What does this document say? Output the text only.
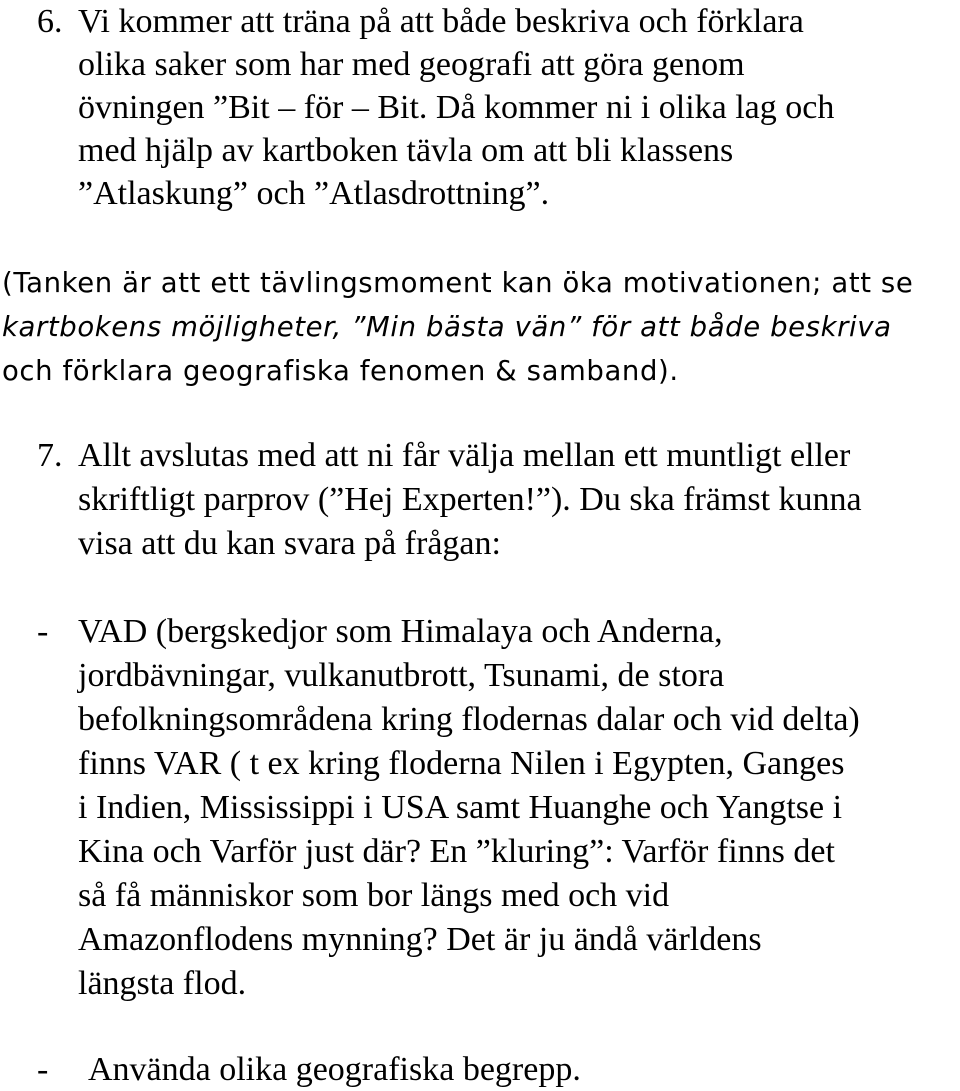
6. Vi kommer att träna på att både beskriva och förklara

olika saker som har med geografi att göra genom

övningen ”Bit – för – Bit. Då kommer ni i olika lag och

med hjälp av kartboken tävla om att bli klassens

”Atlaskung” och ”Atlasdrottning”.

(Tanken är att ett tävlingsmoment kan öka motivationen; att se

kartbokens möjligheter, ”Min bästa vän” för att både beskriva

och förklara geografiska fenomen & samband).

7. Allt avslutas med att ni får välja mellan ett muntligt eller

skriftligt parprov (”Hej Experten!”). Du ska främst kunna

visa att du kan svara på frågan:

- VAD (bergskedjor som Himalaya och Anderna,

jordbävningar, vulkanutbrott, Tsunami, de stora

befolkningsområdena kring flodernas dalar och vid delta)

finns VAR ( t ex kring floderna Nilen i Egypten, Ganges

i Indien, Mississippi i USA samt Huanghe och Yangtse i

Kina och Varför just där? En ”kluring”: Varför finns det

så få människor som bor längs med och vid

Amazonflodens mynning? Det är ju ändå världens

längsta flod.

- Använda olika geografiska begrepp.
